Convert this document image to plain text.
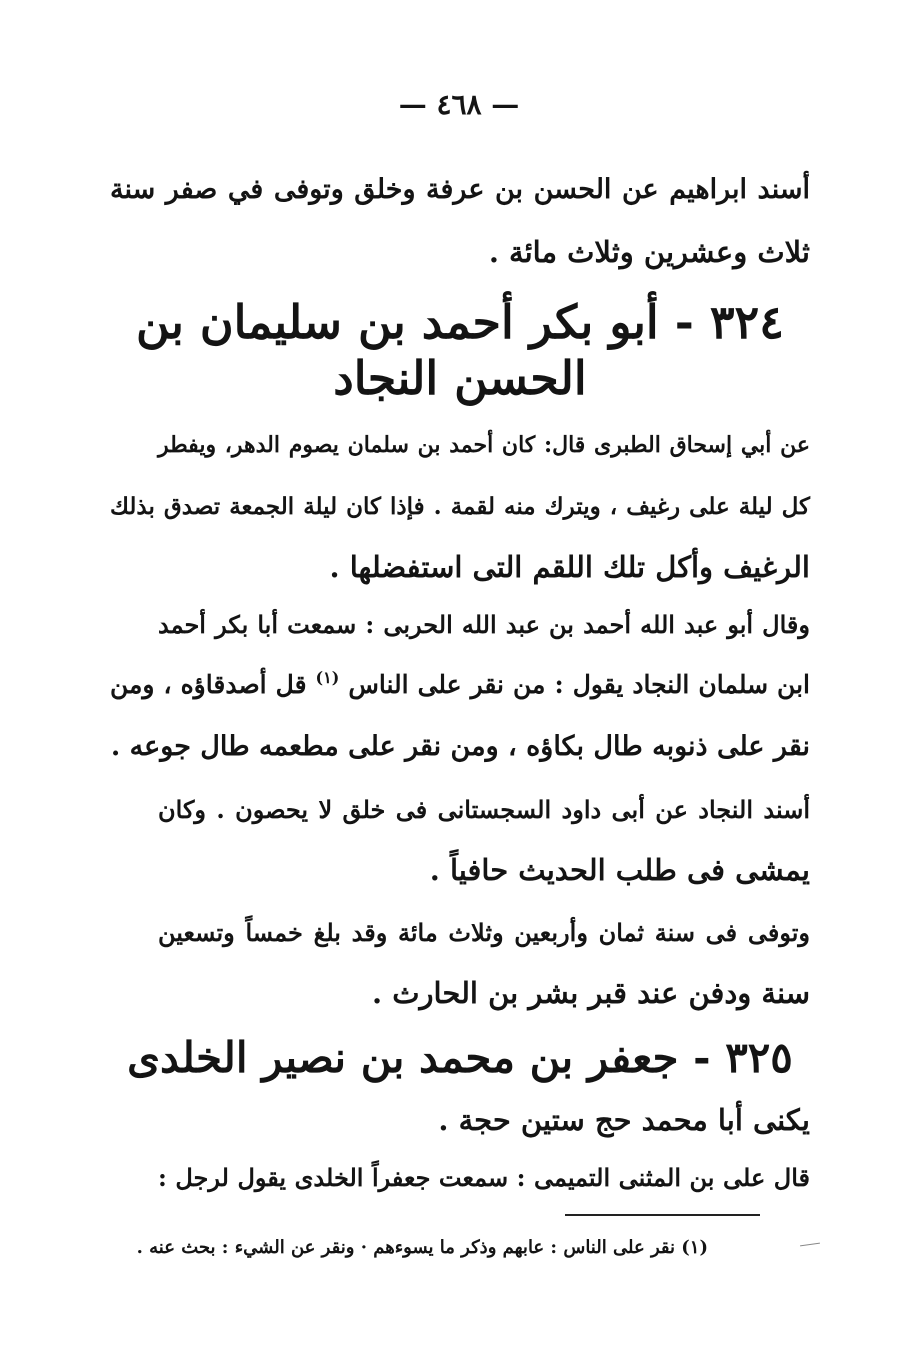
— ٤٦٨ —
أسند ابراهيم عن الحسن بن عرفة وخلق وتوفى في صفر سنة
ثلاث وعشرين وثلاث مائة .
٣٢٤ - أبو بكر أحمد بن سليمان بن
الحسن النجاد
عن أبي إسحاق الطبرى قال: كان أحمد بن سلمان يصوم الدهر، ويفطر
كل ليلة على رغيف ، ويترك منه لقمة . فإذا كان ليلة الجمعة تصدق بذلك
الرغيف وأكل تلك اللقم التى استفضلها .
وقال أبو عبد الله أحمد بن عبد الله الحربى : سمعت أبا بكر أحمد
ابن سلمان النجاد يقول : من نقر على الناس $^{(١)}$ قل أصدقاؤه ، ومن
نقر على ذنوبه طال بكاؤه ، ومن نقر على مطعمه طال جوعه .
أسند النجاد عن أبى داود السجستانى فى خلق لا يحصون . وكان
يمشى فى طلب الحديث حافياً .
وتوفى فى سنة ثمان وأربعين وثلاث مائة وقد بلغ خمساً وتسعين
سنة ودفن عند قبر بشر بن الحارث .
٣٢٥ - جعفر بن محمد بن نصير الخلدى
يكنى أبا محمد حج ستين حجة .
قال على بن المثنى التميمى : سمعت جعفراً الخلدى يقول لرجل :
(١) نقر على الناس : عابهم وذكر ما يسوءهم · ونقر عن الشيء : بحث عنه .
